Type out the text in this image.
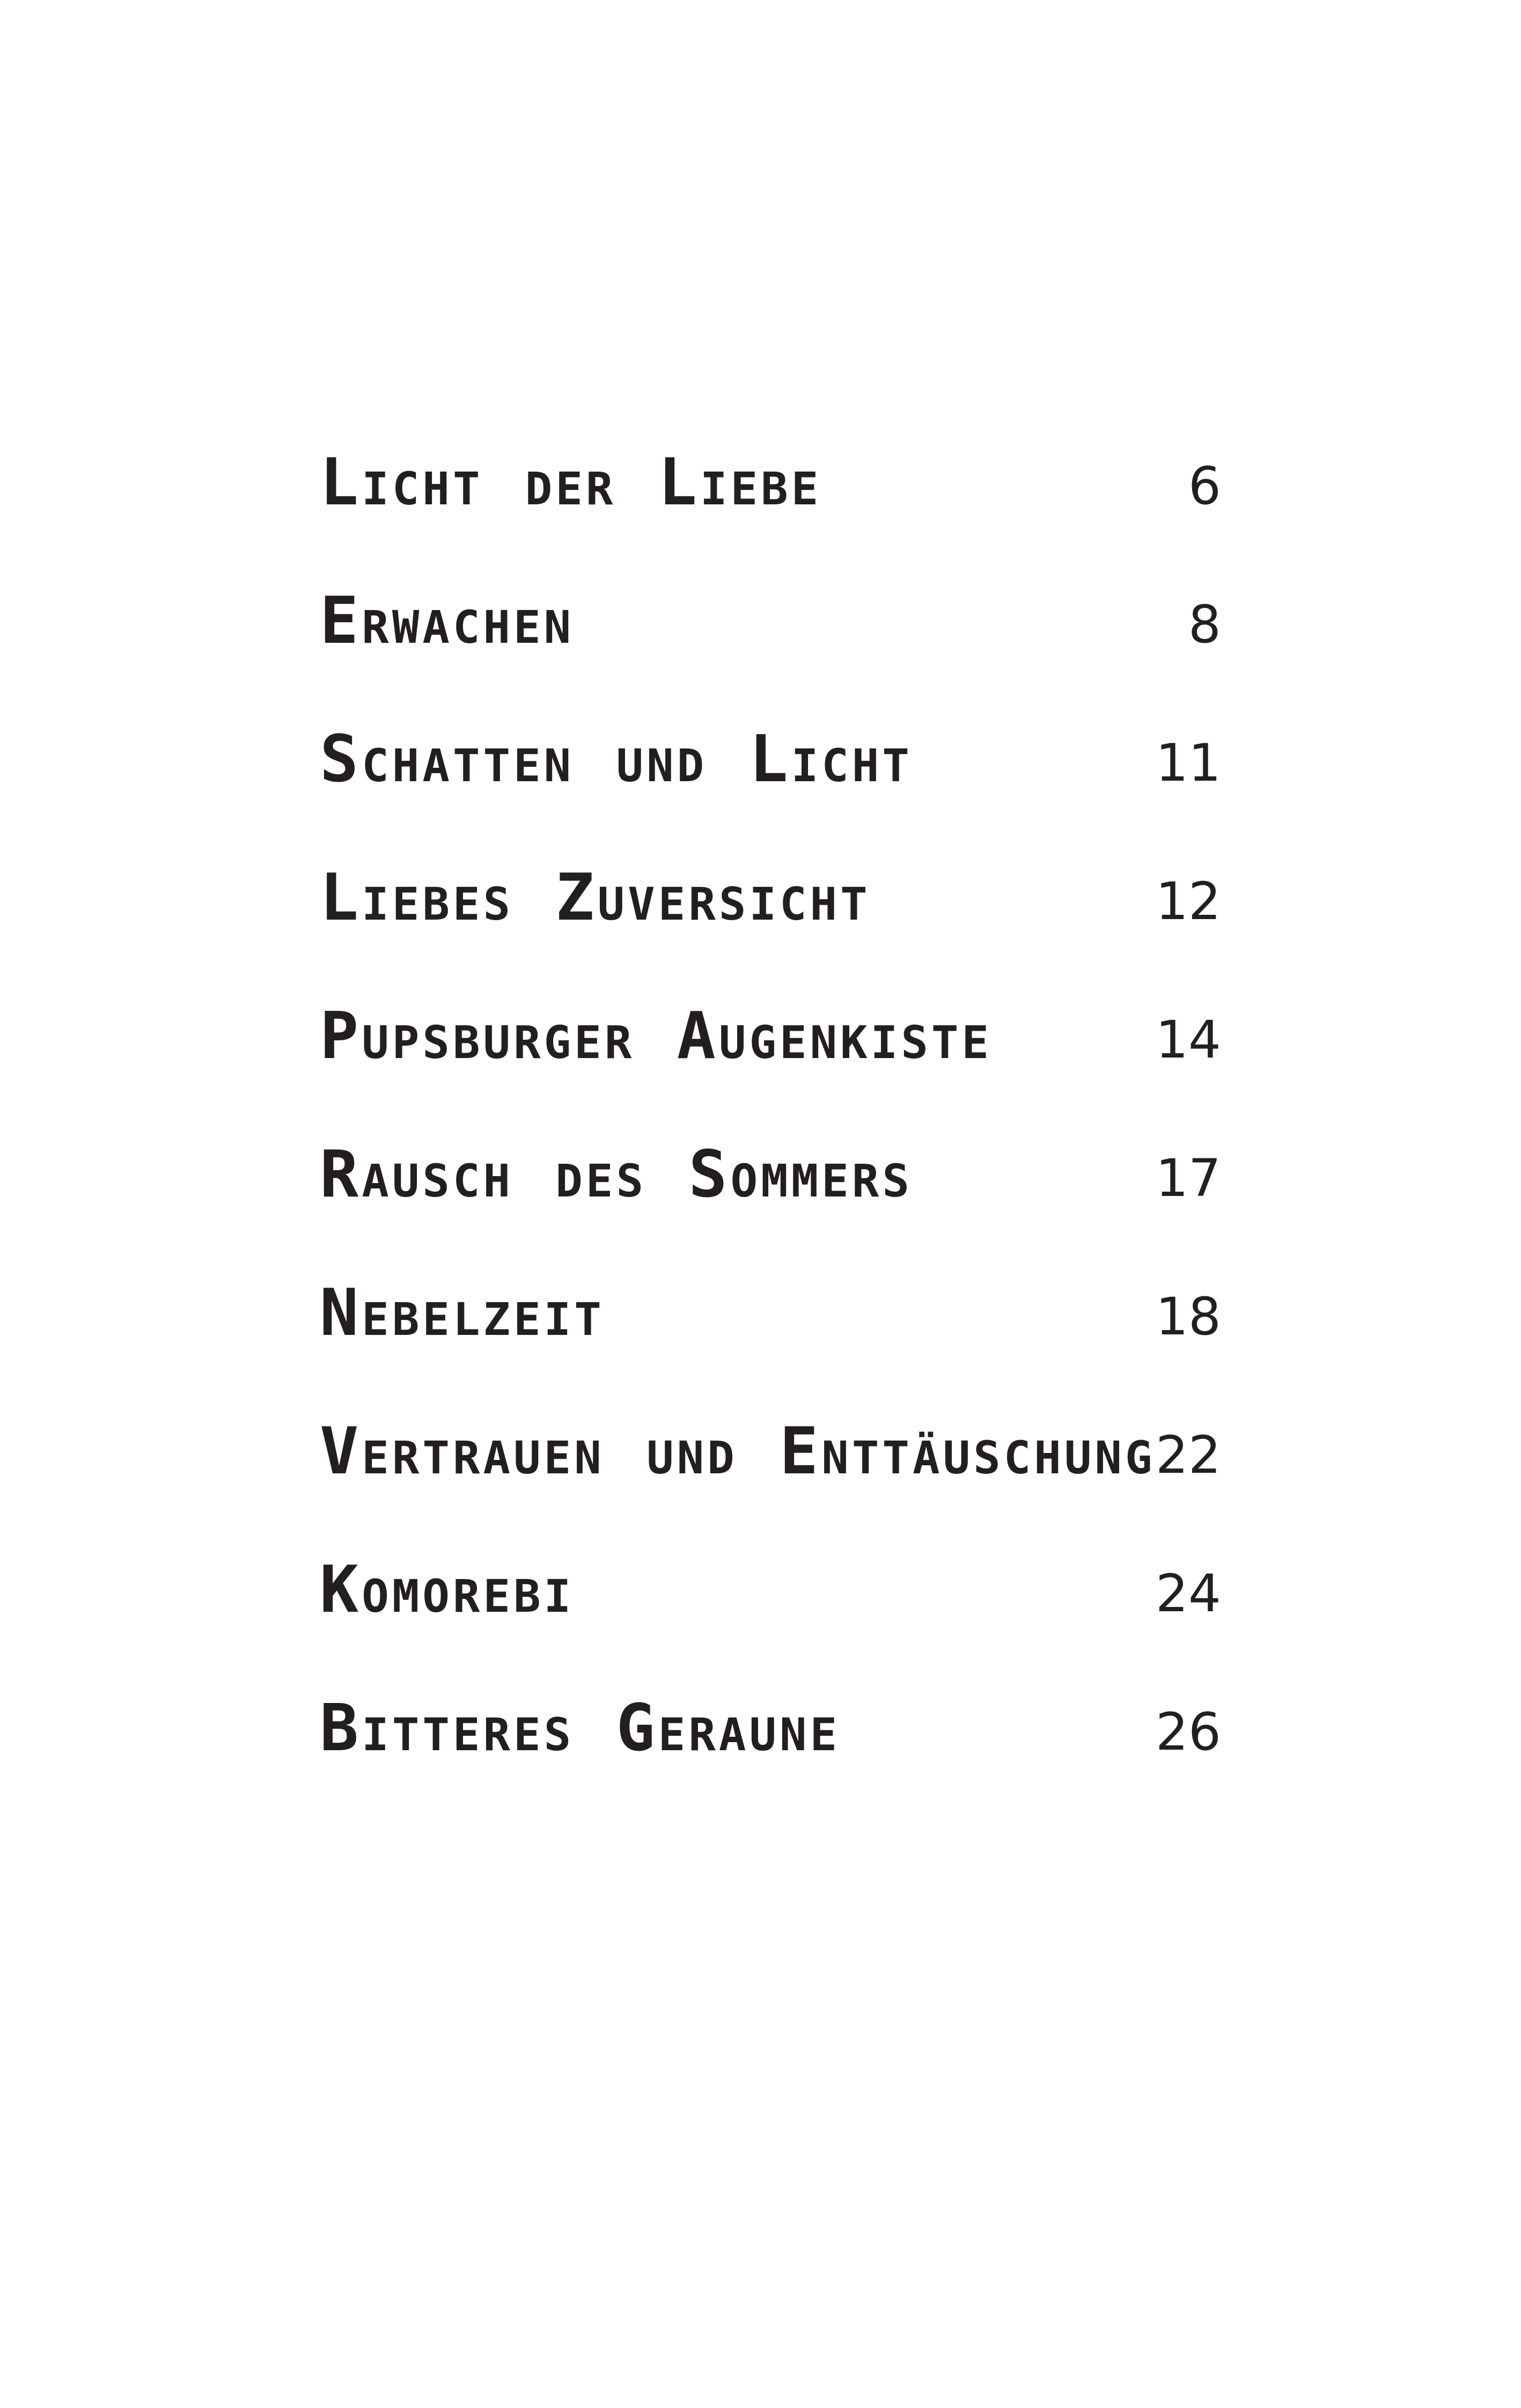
Licht der Liebe	6
Erwachen	8
Schatten und Licht	11
Liebes Zuversicht	12
Pupsburger Augenkiste	14
Rausch des Sommers	17
Nebelzeit	18
Vertrauen und Enttäuschung 22
Komorebi	24
Bitteres Geraune	26
